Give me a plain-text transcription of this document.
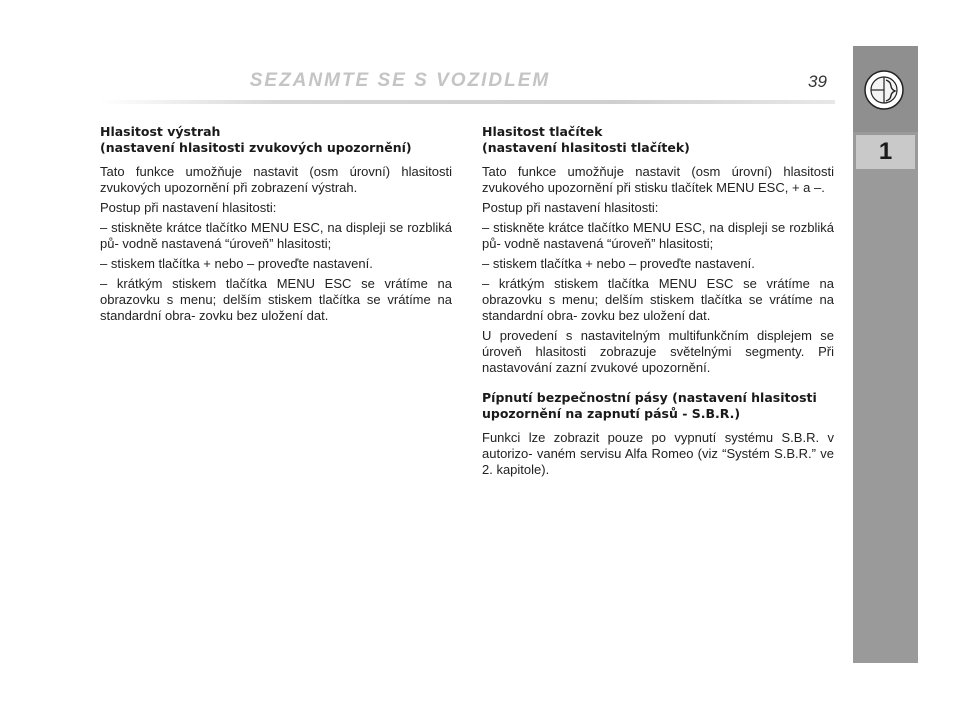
SEZANMTE SE S VOZIDLEM	39
1
Hlasitost výstrah
(nastavení hlasitosti zvukových upozornění)

Tato funkce umožňuje nastavit (osm úrovní) hlasitosti zvukových upozornění při zobrazení výstrah.

Postup při nastavení hlasitosti:

– stiskněte krátce tlačítko MENU ESC, na displeji se rozbliká pů- vodně nastavená “úroveň” hlasitosti;

– stiskem tlačítka + nebo – proveďte nastavení.

– krátkým stiskem tlačítka MENU ESC se vrátíme na obrazovku s menu; delším stiskem tlačítka se vrátíme na standardní obra- zovku bez uložení dat.

Hlasitost tlačítek
(nastavení hlasitosti tlačítek)

Tato funkce umožňuje nastavit (osm úrovní) hlasitosti zvukového upozornění při stisku tlačítek MENU ESC, + a –.

Postup při nastavení hlasitosti:

– stiskněte krátce tlačítko MENU ESC, na displeji se rozbliká pů- vodně nastavená “úroveň” hlasitosti;

– stiskem tlačítka + nebo – proveďte nastavení.

– krátkým stiskem tlačítka MENU ESC se vrátíme na obrazovku s menu; delším stiskem tlačítka se vrátíme na standardní obra- zovku bez uložení dat.

U provedení s nastavitelným multifunkčním displejem se úroveň hlasitosti zobrazuje světelnými segmenty. Při nastavování zazní zvukové upozornění.

Pípnutí bezpečnostní pásy (nastavení hlasitosti upozornění na zapnutí pásů - S.B.R.)

Funkci lze zobrazit pouze po vypnutí systému S.B.R. v autorizo- vaném servisu Alfa Romeo (viz “Systém S.B.R.” ve 2. kapitole).
